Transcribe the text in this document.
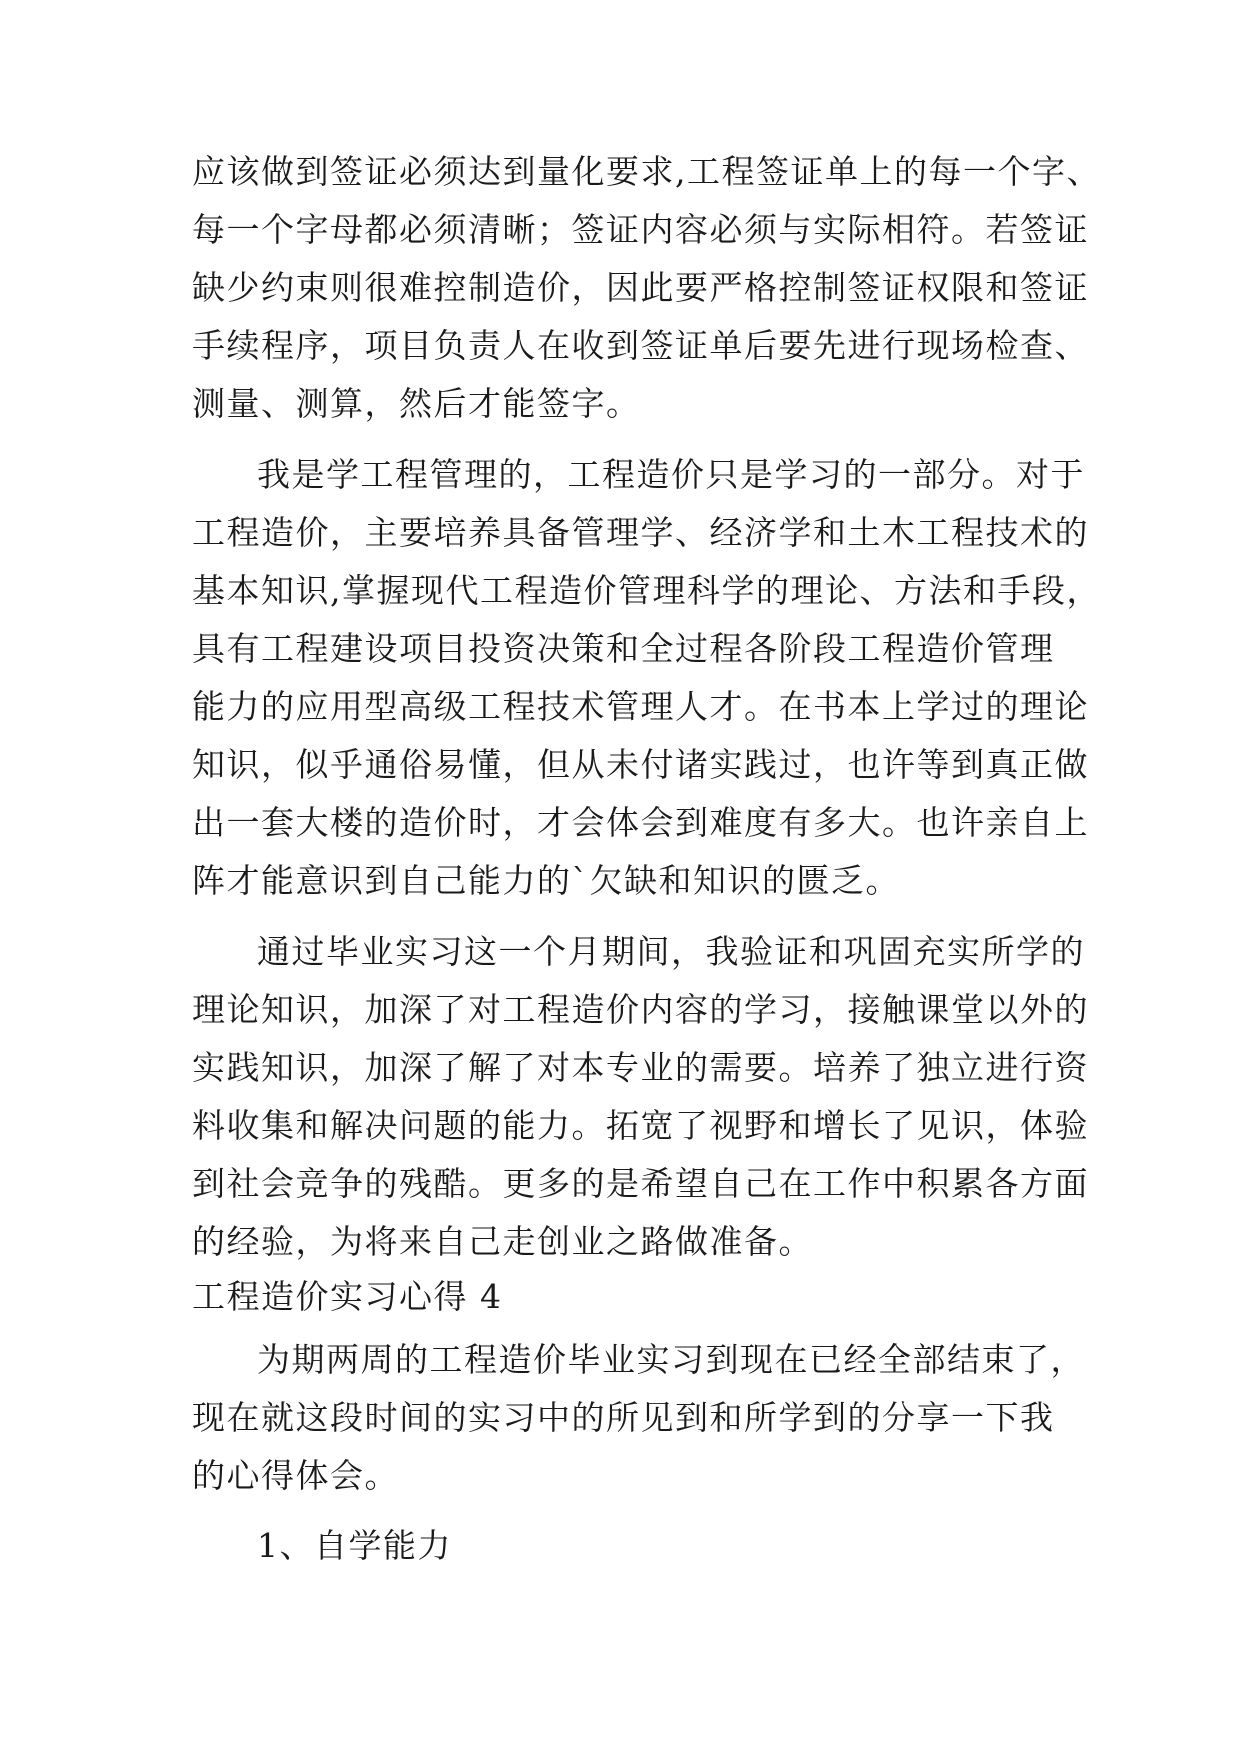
应该做到签证必须达到量化要求,工程签证单上的每一个字、
每一个字母都必须清晰；签证内容必须与实际相符。若签证
缺少约束则很难控制造价，因此要严格控制签证权限和签证
手续程序，项目负责人在收到签证单后要先进行现场检查、
测量、测算，然后才能签字。
我是学工程管理的，工程造价只是学习的一部分。对于
工程造价，主要培养具备管理学、经济学和土木工程技术的
基本知识,掌握现代工程造价管理科学的理论、方法和手段，
具有工程建设项目投资决策和全过程各阶段工程造价管理
能力的应用型高级工程技术管理人才。在书本上学过的理论
知识，似乎通俗易懂，但从未付诸实践过，也许等到真正做
出一套大楼的造价时，才会体会到难度有多大。也许亲自上
阵才能意识到自己能力的`欠缺和知识的匮乏。
通过毕业实习这一个月期间，我验证和巩固充实所学的
理论知识，加深了对工程造价内容的学习，接触课堂以外的
实践知识，加深了解了对本专业的需要。培养了独立进行资
料收集和解决问题的能力。拓宽了视野和增长了见识，体验
到社会竞争的残酷。更多的是希望自己在工作中积累各方面
的经验，为将来自己走创业之路做准备。
工程造价实习心得 4
为期两周的工程造价毕业实习到现在已经全部结束了，
现在就这段时间的实习中的所见到和所学到的分享一下我
的心得体会。
1、自学能力
